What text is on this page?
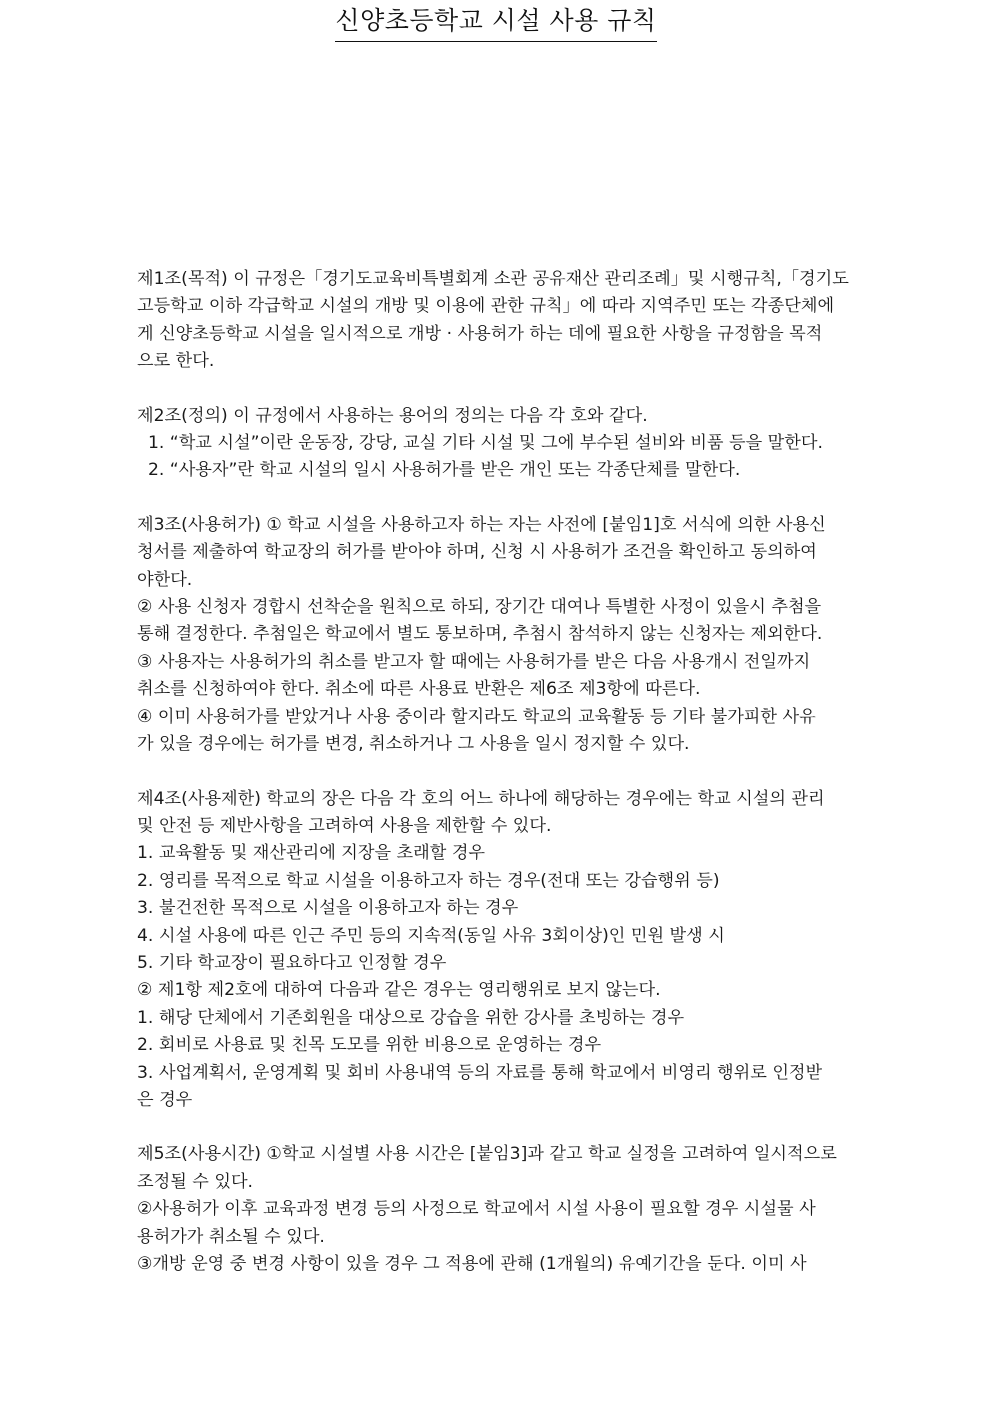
신양초등학교 시설 사용 규칙

제1조(목적) 이 규정은「경기도교육비특별회계 소관 공유재산 관리조례」및 시행규칙,「경기도

고등학교 이하 각급학교 시설의 개방 및 이용에 관한 규칙」에 따라 지역주민 또는 각종단체에

게 신양초등학교 시설을 일시적으로 개방 · 사용허가 하는 데에 필요한 사항을 규정함을 목적

으로 한다.

제2조(정의) 이 규정에서 사용하는 용어의 정의는 다음 각 호와 같다.

1. “학교 시설”이란 운동장, 강당, 교실 기타 시설 및 그에 부수된 설비와 비품 등을 말한다.

2. “사용자”란 학교 시설의 일시 사용허가를 받은 개인 또는 각종단체를 말한다.

제3조(사용허가) ① 학교 시설을 사용하고자 하는 자는 사전에 [붙임1]호 서식에 의한 사용신

청서를 제출하여 학교장의 허가를 받아야 하며, 신청 시 사용허가 조건을 확인하고 동의하여

야한다.

② 사용 신청자 경합시 선착순을 원칙으로 하되, 장기간 대여나 특별한 사정이 있을시 추첨을

통해 결정한다. 추첨일은 학교에서 별도 통보하며, 추첨시 참석하지 않는 신청자는 제외한다.

③ 사용자는 사용허가의 취소를 받고자 할 때에는 사용허가를 받은 다음 사용개시 전일까지

취소를 신청하여야 한다. 취소에 따른 사용료 반환은 제6조 제3항에 따른다.

④ 이미 사용허가를 받았거나 사용 중이라 할지라도 학교의 교육활동 등 기타 불가피한 사유

가 있을 경우에는 허가를 변경, 취소하거나 그 사용을 일시 정지할 수 있다.

제4조(사용제한) 학교의 장은 다음 각 호의 어느 하나에 해당하는 경우에는 학교 시설의 관리

및 안전 등 제반사항을 고려하여 사용을 제한할 수 있다.

1. 교육활동 및 재산관리에 지장을 초래할 경우

2. 영리를 목적으로 학교 시설을 이용하고자 하는 경우(전대 또는 강습행위 등)

3. 불건전한 목적으로 시설을 이용하고자 하는 경우

4. 시설 사용에 따른 인근 주민 등의 지속적(동일 사유 3회이상)인 민원 발생 시

5. 기타 학교장이 필요하다고 인정할 경우

② 제1항 제2호에 대하여 다음과 같은 경우는 영리행위로 보지 않는다.

1. 해당 단체에서 기존회원을 대상으로 강습을 위한 강사를 초빙하는 경우

2. 회비로 사용료 및 친목 도모를 위한 비용으로 운영하는 경우

3. 사업계획서, 운영계획 및 회비 사용내역 등의 자료를 통해 학교에서 비영리 행위로 인정받

은 경우

제5조(사용시간) ①학교 시설별 사용 시간은 [붙임3]과 같고 학교 실정을 고려하여 일시적으로

조정될 수 있다.

②사용허가 이후 교육과정 변경 등의 사정으로 학교에서 시설 사용이 필요할 경우 시설물 사

용허가가 취소될 수 있다.

③개방 운영 중 변경 사항이 있을 경우 그 적용에 관해 (1개월의) 유예기간을 둔다. 이미 사
